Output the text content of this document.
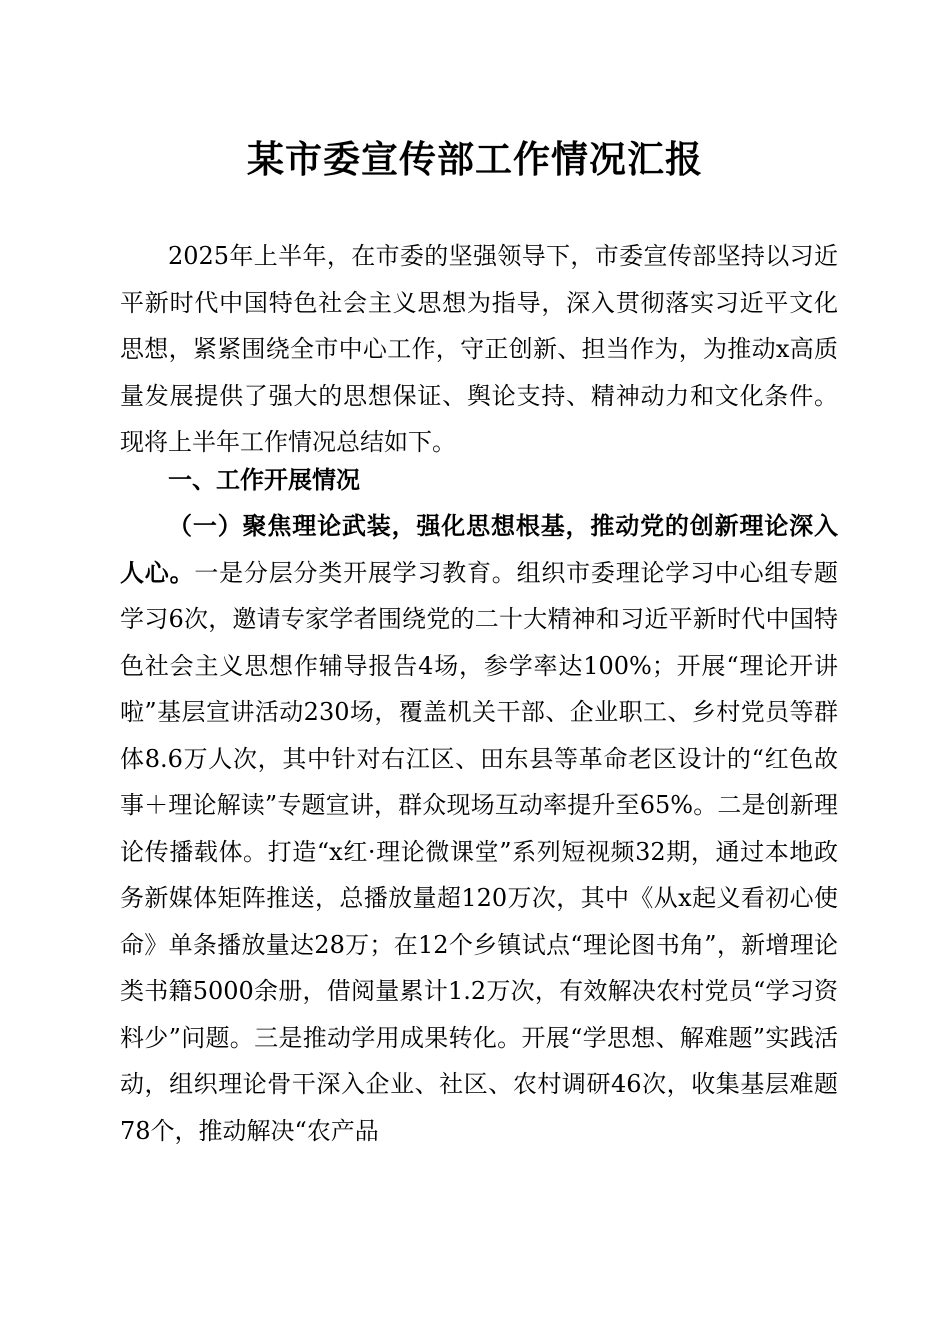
某市委宣传部工作情况汇报

2025年上半年，在市委的坚强领导下，市委宣传部坚持以习近平新时代中国特色社会主义思想为指导，深入贯彻落实习近平文化思想，紧紧围绕全市中心工作，守正创新、担当作为，为推动x高质量发展提供了强大的思想保证、舆论支持、精神动力和文化条件。现将上半年工作情况总结如下。

一、工作开展情况

（一）聚焦理论武装，强化思想根基，推动党的创新理论深入人心。一是分层分类开展学习教育。组织市委理论学习中心组专题学习6次，邀请专家学者围绕党的二十大精神和习近平新时代中国特色社会主义思想作辅导报告4场，参学率达100%；开展“理论开讲啦”基层宣讲活动230场，覆盖机关干部、企业职工、乡村党员等群体8.6万人次，其中针对右江区、田东县等革命老区设计的“红色故事＋理论解读”专题宣讲，群众现场互动率提升至65%。二是创新理论传播载体。打造“x红·理论微课堂”系列短视频32期，通过本地政务新媒体矩阵推送，总播放量超120万次，其中《从x起义看初心使命》单条播放量达28万；在12个乡镇试点“理论图书角”，新增理论类书籍5000余册，借阅量累计1.2万次，有效解决农村党员“学习资料少”问题。三是推动学用成果转化。开展“学思想、解难题”实践活动，组织理论骨干深入企业、社区、农村调研46次，收集基层难题78个，推动解决“农产品
